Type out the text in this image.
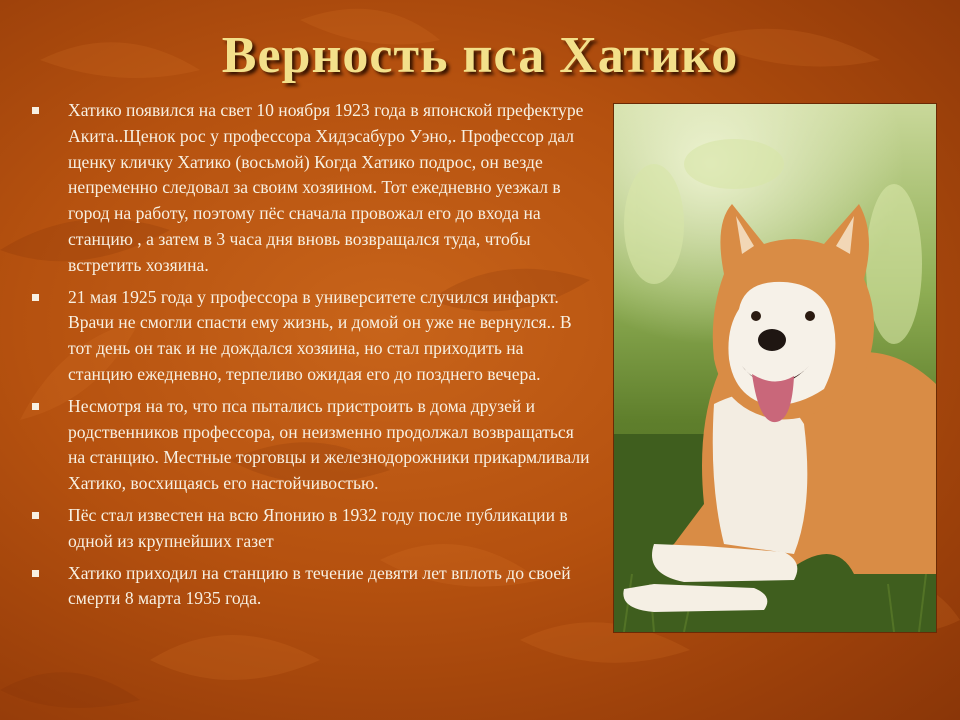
Верность пса Хатико
Хатико появился на свет 10 ноября 1923 года в японской префектуре Акита..Щенок рос у профессора Хидэсабуро Уэно,. Профессор дал щенку кличку Хатико (восьмой) Когда Хатико подрос, он везде непременно следовал за своим хозяином. Тот ежедневно уезжал в город на работу, поэтому пёс сначала провожал его до входа на станцию , а затем в 3 часа дня вновь возвращался туда, чтобы встретить хозяина.
21 мая 1925 года у профессора в университете случился инфаркт. Врачи не смогли спасти ему жизнь, и домой он уже не вернулся.. В тот день он так и не дождался хозяина, но стал приходить на станцию ежедневно, терпеливо ожидая его до позднего вечера.
Несмотря на то, что пса пытались пристроить в дома друзей и родственников профессора, он неизменно продолжал возвращаться на станцию. Местные торговцы и железнодорожники прикармливали Хатико, восхищаясь его настойчивостью.
Пёс стал известен на всю Японию в 1932 году после публикации в одной из крупнейших газет
Хатико приходил на станцию в течение девяти лет вплоть до своей смерти 8 марта 1935 года.
